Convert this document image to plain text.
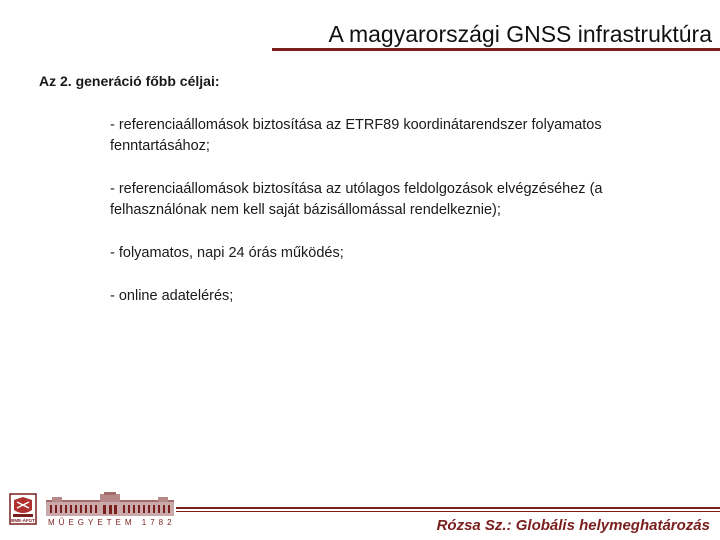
A magyarországi GNSS infrastruktúra
Az 2. generáció főbb céljai:
- referenciaállomások biztosítása az ETRF89 koordinátarendszer folyamatos fenntartásához;
- referenciaállomások biztosítása az utólagos feldolgozások elvégzéséhez (a felhasználónak nem kell saját bázisállomással rendelkeznie);
- folyamatos, napi 24 órás működés;
- online adatelérés;
BME-ÁFGT MŰEGYETEM 1782	Rózsa Sz.: Globális helymeghatározás
